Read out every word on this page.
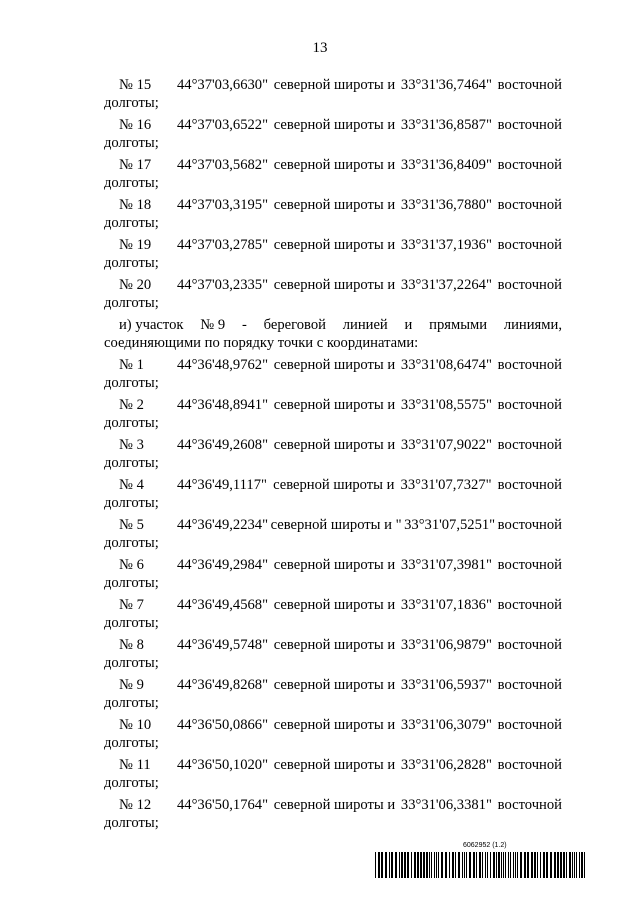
13
№ 15 44°37'03,6630" северной широты и 33°31'36,7464" восточной
долготы;
№ 16 44°37'03,6522" северной широты и 33°31'36,8587" восточной
долготы;
№ 17 44°37'03,5682" северной широты и 33°31'36,8409" восточной
долготы;
№ 18 44°37'03,3195" северной широты и 33°31'36,7880" восточной
долготы;
№ 19 44°37'03,2785" северной широты и 33°31'37,1936" восточной
долготы;
№ 20 44°37'03,2335" северной широты и 33°31'37,2264" восточной
долготы;
и) участок № 9 - береговой линией и прямыми линиями,
соединяющими по порядку точки с координатами:
№ 1 44°36'48,9762" северной широты и 33°31'08,6474" восточной
долготы;
№ 2 44°36'48,8941" северной широты и 33°31'08,5575" восточной
долготы;
№ 3 44°36'49,2608" северной широты и 33°31'07,9022" восточной
долготы;
№ 4 44°36'49,1117" северной широты и 33°31'07,7327" восточной
долготы;
№ 5 44°36'49,2234" северной широты и " 33°31'07,5251" восточной
долготы;
№ 6 44°36'49,2984" северной широты и 33°31'07,3981" восточной
долготы;
№ 7 44°36'49,4568" северной широты и 33°31'07,1836" восточной
долготы;
№ 8 44°36'49,5748" северной широты и 33°31'06,9879" восточной
долготы;
№ 9 44°36'49,8268" северной широты и 33°31'06,5937" восточной
долготы;
№ 10 44°36'50,0866" северной широты и 33°31'06,3079" восточной
долготы;
№ 11 44°36'50,1020" северной широты и 33°31'06,2828" восточной
долготы;
№ 12 44°36'50,1764" северной широты и 33°31'06,3381" восточной
долготы;
6062952 (1.2)
